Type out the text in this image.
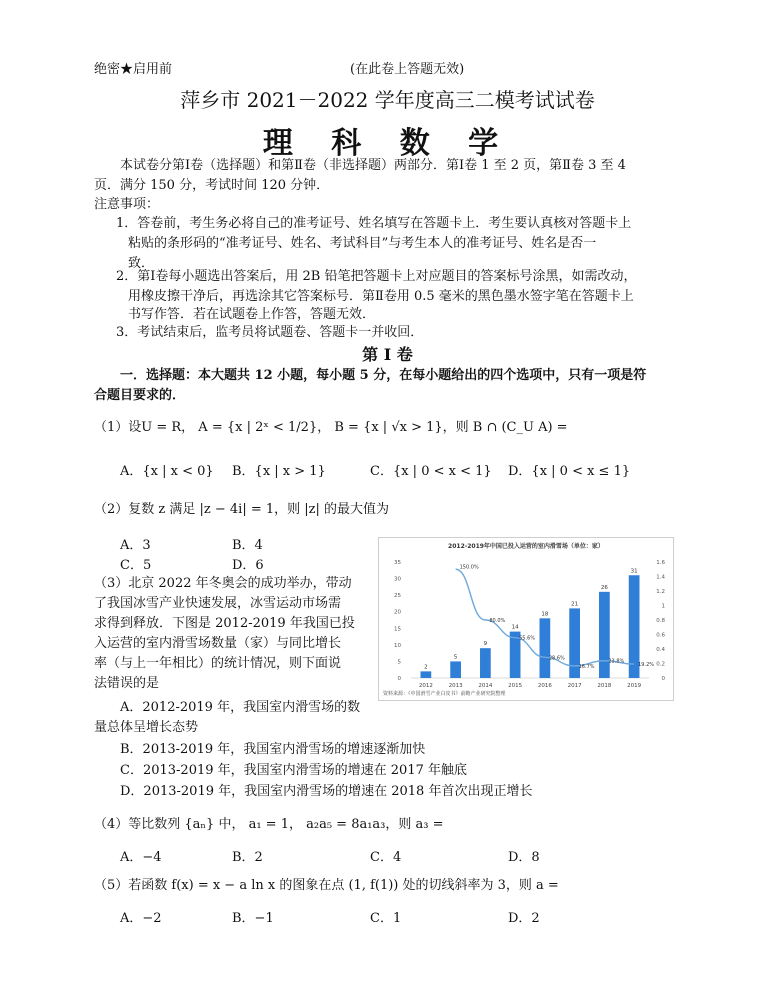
绝密★启用前	(在此卷上答题无效)
萍乡市 2021－2022 学年度高三二模考试试卷
理 科 数 学
本试卷分第Ⅰ卷（选择题）和第Ⅱ卷（非选择题）两部分．第Ⅰ卷 1 至 2 页，第Ⅱ卷 3 至 4
页．满分 150 分，考试时间 120 分钟．
注意事项：
1．答卷前，考生务必将自己的准考证号、姓名填写在答题卡上．考生要认真核对答题卡上
粘贴的条形码的“准考证号、姓名、考试科目”与考生本人的准考证号、姓名是否一
致．
2．第Ⅰ卷每小题选出答案后，用 2B 铅笔把答题卡上对应题目的答案标号涂黑，如需改动，
用橡皮擦干净后，再选涂其它答案标号．第Ⅱ卷用 0.5 毫米的黑色墨水签字笔在答题卡上
书写作答．若在试题卷上作答，答题无效．
3．考试结束后，监考员将试题卷、答题卡一并收回．
第 Ⅰ 卷
一．选择题：本大题共 12 小题，每小题 5 分，在每小题给出的四个选项中，只有一项是符
合题目要求的．
（1）设U = R， A = {x | 2ˣ < 1/2}， B = {x | √x > 1}，则 B ∩ (C_U A) =
A．{x | x < 0} B．{x | x > 1}	C．{x | 0 < x < 1} D．{x | 0 < x ≤ 1}
（2）复数 z 满足 |z − 4i| = 1，则 |z| 的最大值为
A．3	B．4
C．5	D．6
（3）北京 2022 年冬奥会的成功举办，带动
了我国冰雪产业快速发展，冰雪运动市场需
求得到释放．下图是 2012-2019 年我国已投
入运营的室内滑雪场数量（家）与同比增长
率（与上一年相比）的统计情况，则下面说
法错误的是
A．2012-2019 年，我国室内滑雪场的数
量总体呈增长态势
B．2013-2019 年，我国室内滑雪场的增速逐渐加快
C．2013-2019 年，我国室内滑雪场的增速在 2017 年触底
D．2013-2019 年，我国室内滑雪场的增速在 2018 年首次出现正增长
2012-2019年中国已投入运营的室内滑雪场（单位：家）
资料来源：《中国滑雪产业白皮书》前瞻产业研究院整理
0
5
10
15
20
25
30
35
0
0.2
0.4
0.6
0.8
1
1.2
1.4
1.6
2
5
9
14
18
21
26
31
2012	2013	2014	2015	2016	2017	2018	2019
150.0%
80.0%
55.6%
28.6%
16.7%
23.8%
19.2%
（4）等比数列 {aₙ} 中， a₁ = 1， a₂a₅ = 8a₁a₃，则 a₃ =
A．−4	B．2	C．4	D．8
（5）若函数 f(x) = x − a ln x 的图象在点 (1, f(1)) 处的切线斜率为 3，则 a =
A．−2	B．−1	C．1	D．2
